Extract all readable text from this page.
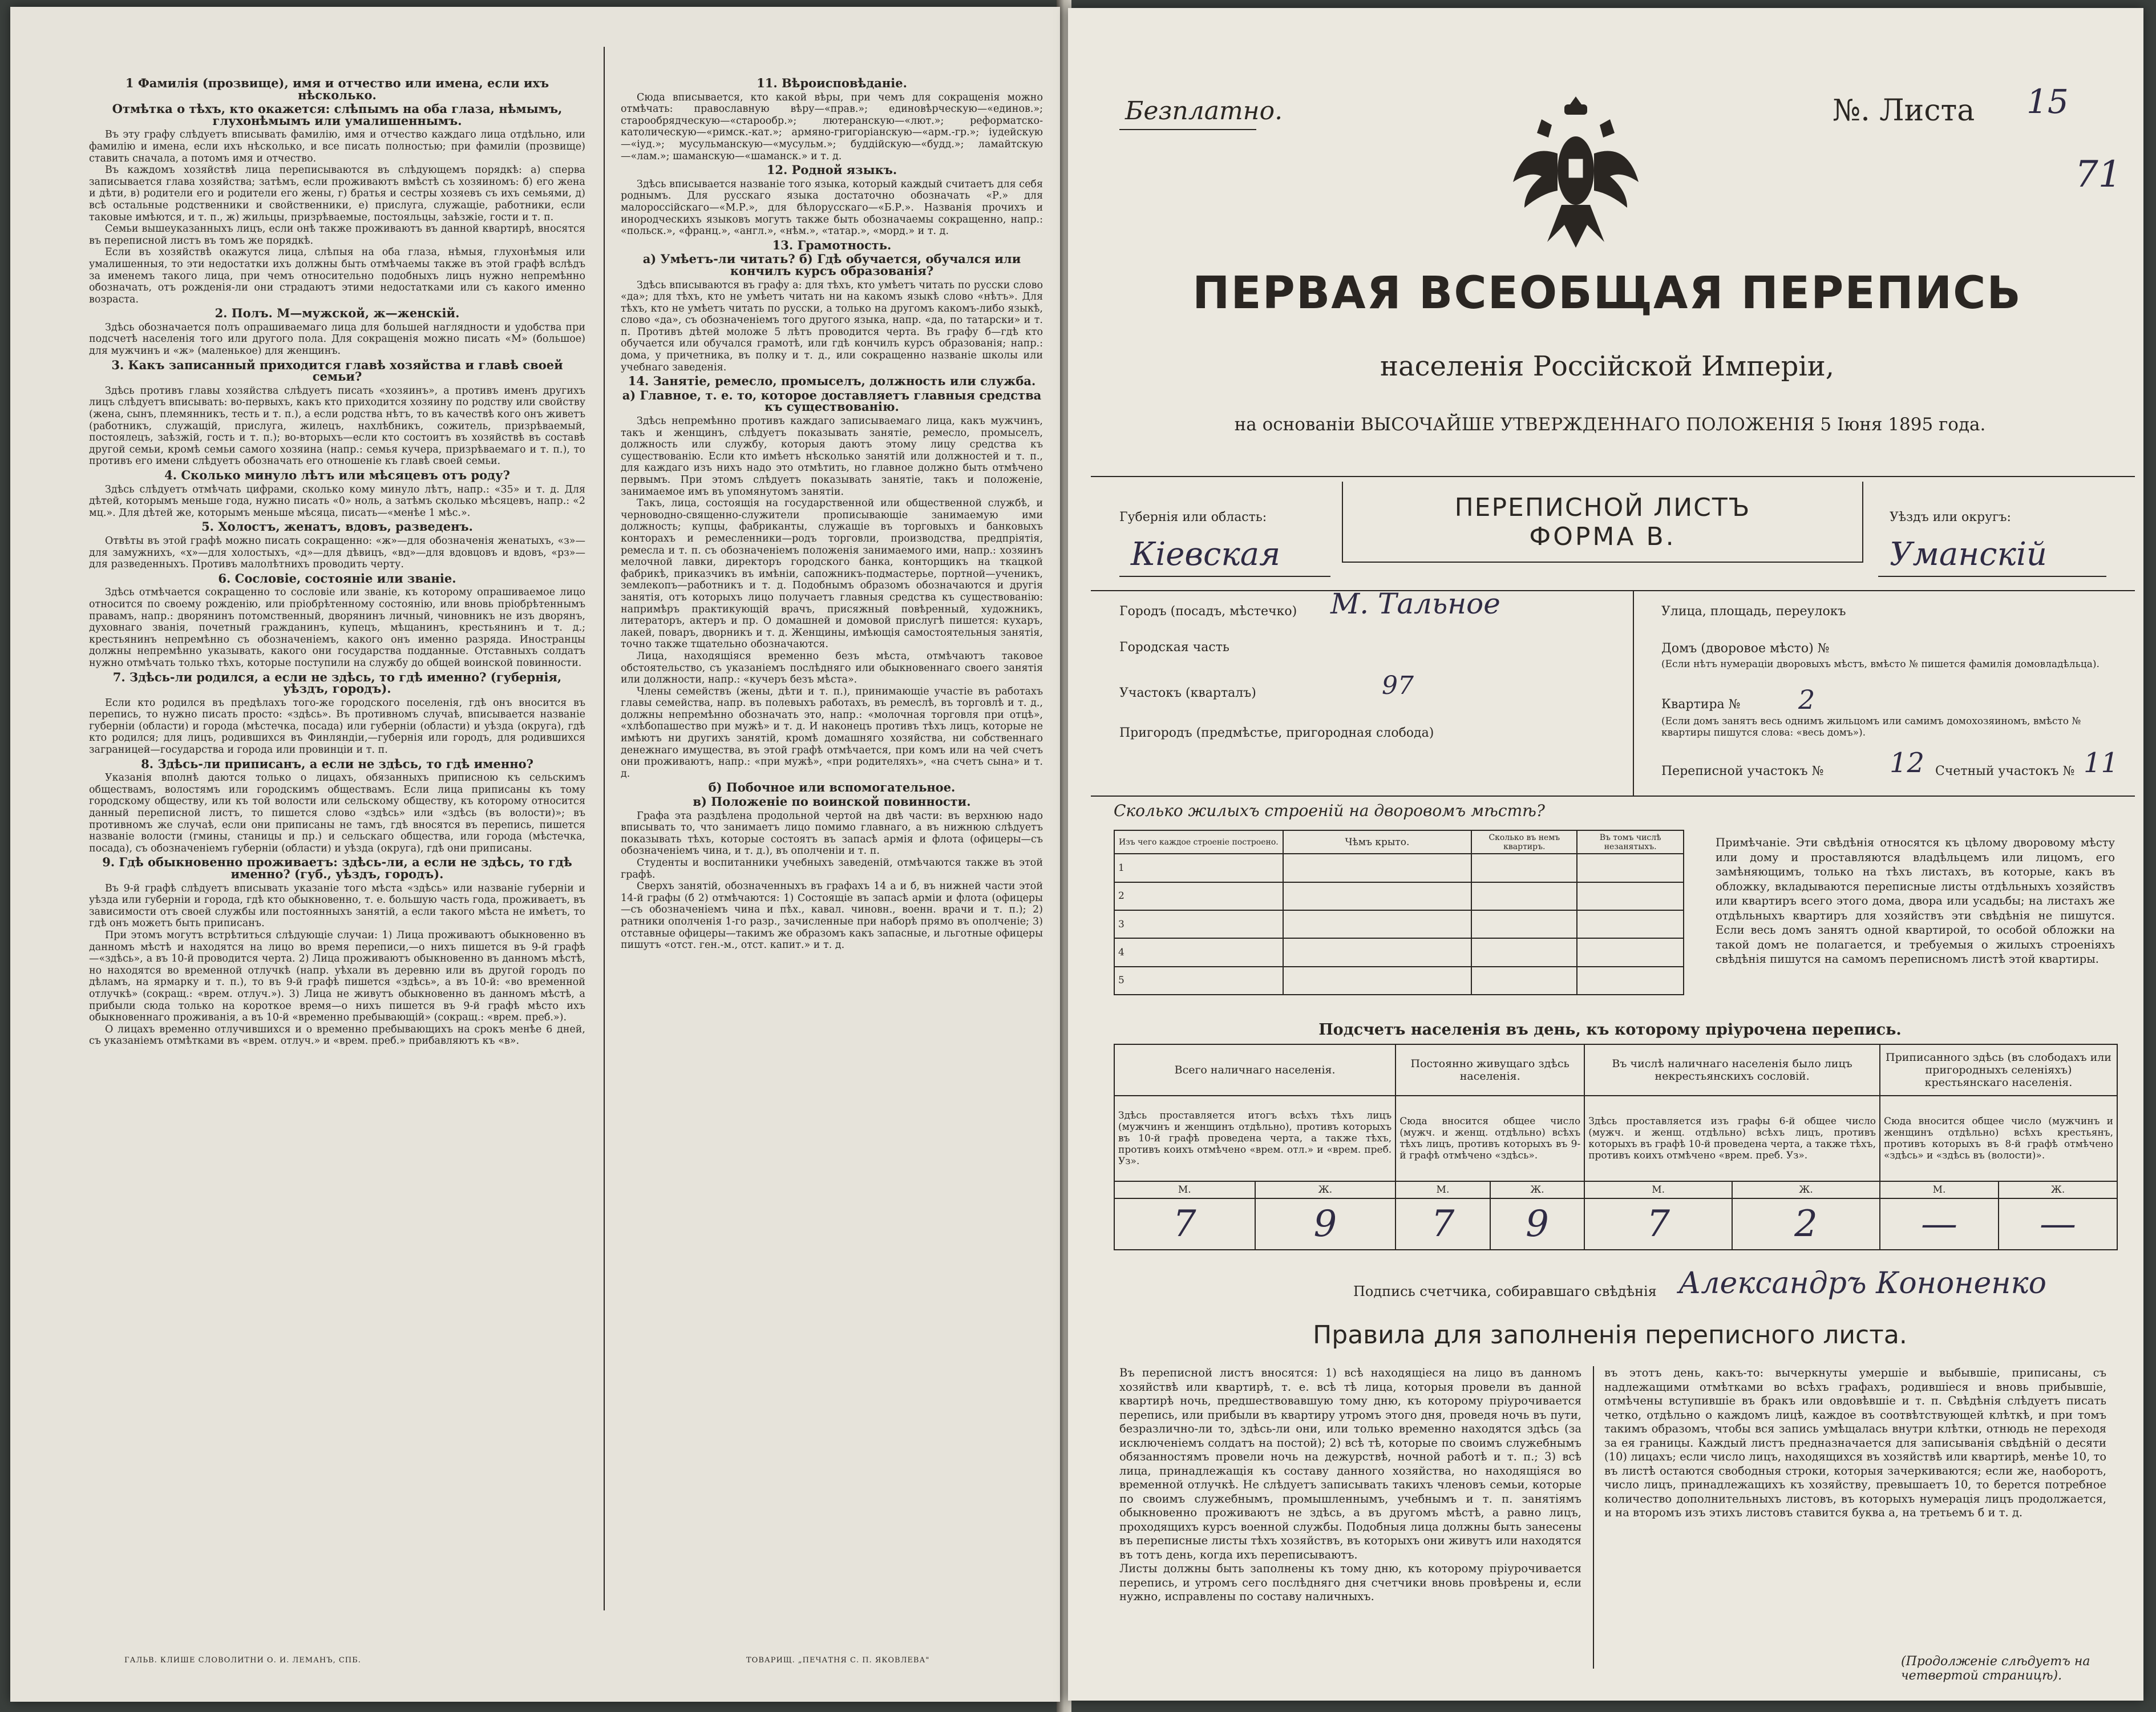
1 Фамилія (прозвище), имя и отчество или имена, если ихъ нѣсколько.
Отмѣтка о тѣхъ, кто окажется: слѣпымъ на оба глаза, нѣмымъ, глухонѣмымъ или умалишеннымъ.
Въ эту графу слѣдуетъ вписывать фамилію, имя и отчество каждаго лица отдѣльно, или фамилію и имена, если ихъ нѣсколько, и все писать полностью; при фамиліи (прозвище) ставить сначала, а потомъ имя и отчество.
Въ каждомъ хозяйствѣ лица переписываются въ слѣдующемъ порядкѣ: а) сперва записывается глава хозяйства; затѣмъ, если проживаютъ вмѣстѣ съ хозяиномъ: б) его жена и дѣти, в) родители его и родители его жены, г) братья и сестры хозяевъ съ ихъ семьями, д) всѣ остальные родственники и свойственники, е) прислуга, служащіе, работники, если таковые имѣются, и т. п., ж) жильцы, призрѣваемые, постояльцы, заѣзжіе, гости и т. п.
Семьи вышеуказанныхъ лицъ, если онѣ также проживаютъ въ данной квартирѣ, вносятся въ переписной листъ въ томъ же порядкѣ.
Если въ хозяйствѣ окажутся лица, слѣпыя на оба глаза, нѣмыя, глухонѣмыя или умалишенныя, то эти недостатки ихъ должны быть отмѣчаемы также въ этой графѣ вслѣдъ за именемъ такого лица, при чемъ относительно подобныхъ лицъ нужно непремѣнно обозначать, отъ рожденія-ли они страдаютъ этими недостатками или съ какого именно возраста.
2. Полъ. М—мужской, ж—женскій.
Здѣсь обозначается полъ опрашиваемаго лица для большей наглядности и удобства при подсчетѣ населенія того или другого пола. Для сокращенія можно писать «М» (большое) для мужчинъ и «ж» (маленькое) для женщинъ.
3. Какъ записанный приходится главѣ хозяйства и главѣ своей семьи?
Здѣсь противъ главы хозяйства слѣдуетъ писать «хозяинъ», а противъ именъ другихъ лицъ слѣдуетъ вписывать: во-первыхъ, какъ кто приходится хозяину по родству или свойству (жена, сынъ, племянникъ, тесть и т. п.), а если родства нѣтъ, то въ качествѣ кого онъ живетъ (работникъ, служащій, прислуга, жилецъ, нахлѣбникъ, сожитель, призрѣваемый, постоялецъ, заѣзжій, гость и т. п.); во-вторыхъ—если кто состоитъ въ хозяйствѣ въ составѣ другой семьи, кромѣ семьи самого хозяина (напр.: семья кучера, призрѣваемаго и т. п.), то противъ его имени слѣдуетъ обозначать его отношеніе къ главѣ своей семьи.
4. Сколько минуло лѣтъ или мѣсяцевъ отъ роду?
Здѣсь слѣдуетъ отмѣчать цифрами, сколько кому минуло лѣтъ, напр.: «35» и т. д. Для дѣтей, которымъ меньше года, нужно писать «0» ноль, а затѣмъ сколько мѣсяцевъ, напр.: «2 мц.». Для дѣтей же, которымъ меньше мѣсяца, писать—«менѣе 1 мѣс.».
5. Холостъ, женатъ, вдовъ, разведенъ.
Отвѣты въ этой графѣ можно писать сокращенно: «ж»—для обозначенія женатыхъ, «з»—для замужнихъ, «х»—для холостыхъ, «д»—для дѣвицъ, «вд»—для вдовцовъ и вдовъ, «рз»—для разведенныхъ. Противъ малолѣтнихъ проводить черту.
6. Сословіе, состояніе или званіе.
Здѣсь отмѣчается сокращенно то сословіе или званіе, къ которому опрашиваемое лицо относится по своему рожденію, или пріобрѣтенному состоянію, или вновь пріобрѣтеннымъ правамъ, напр.: дворянинъ потомственный, дворянинъ личный, чиновникъ не изъ дворянъ, духовнаго званія, почетный гражданинъ, купецъ, мѣщанинъ, крестьянинъ и т. д.; крестьянинъ непремѣнно съ обозначеніемъ, какого онъ именно разряда. Иностранцы должны непремѣнно указывать, какого они государства подданные. Отставныхъ солдатъ нужно отмѣчать только тѣхъ, которые поступили на службу до общей воинской повинности.
7. Здѣсь-ли родился, а если не здѣсь, то гдѣ именно? (губернія, уѣздъ, городъ).
Если кто родился въ предѣлахъ того-же городского поселенія, гдѣ онъ вносится въ перепись, то нужно писать просто: «здѣсь». Въ противномъ случаѣ, вписывается названіе губерніи (области) и города (мѣстечка, посада) или губерніи (области) и уѣзда (округа), гдѣ кто родился; для лицъ, родившихся въ Финляндіи,—губернія или городъ, для родившихся заграницей—государства и города или провинціи и т. п.
8. Здѣсь-ли приписанъ, а если не здѣсь, то гдѣ именно?
Указанія вполнѣ даются только о лицахъ, обязанныхъ приписною къ сельскимъ обществамъ, волостямъ или городскимъ обществамъ. Если лица приписаны къ тому городскому обществу, или къ той волости или сельскому обществу, къ которому относится данный переписной листъ, то пишется слово «здѣсь» или «здѣсь (въ волости)»; въ противномъ же случаѣ, если они приписаны не тамъ, гдѣ вносятся въ перепись, пишется названіе волости (гмины, станицы и пр.) и сельскаго общества, или города (мѣстечка, посада), съ обозначеніемъ губерніи (области) и уѣзда (округа), гдѣ они приписаны.
9. Гдѣ обыкновенно проживаетъ: здѣсь-ли, а если не здѣсь, то гдѣ именно? (губ., уѣздъ, городъ).
Въ 9-й графѣ слѣдуетъ вписывать указаніе того мѣста «здѣсь» или названіе губерніи и уѣзда или губерніи и города, гдѣ кто обыкновенно, т. е. большую часть года, проживаетъ, въ зависимости отъ своей службы или постоянныхъ занятій, а если такого мѣста не имѣетъ, то гдѣ онъ можетъ быть приписанъ.
При этомъ могутъ встрѣтиться слѣдующіе случаи: 1) Лица проживаютъ обыкновенно въ данномъ мѣстѣ и находятся на лицо во время переписи,—о нихъ пишется въ 9-й графѣ—«здѣсь», а въ 10-й проводится черта. 2) Лица проживаютъ обыкновенно въ данномъ мѣстѣ, но находятся во временной отлучкѣ (напр. уѣхали въ деревню или въ другой городъ по дѣламъ, на ярмарку и т. п.), то въ 9-й графѣ пишется «здѣсь», а въ 10-й: «во временной отлучкѣ» (сокращ.: «врем. отлуч.»). 3) Лица не живутъ обыкновенно въ данномъ мѣстѣ, а прибыли сюда только на короткое время—о нихъ пишется въ 9-й графѣ мѣсто ихъ обыкновеннаго проживанія, а въ 10-й «временно пребывающій» (сокращ.: «врем. преб.»).
О лицахъ временно отлучившихся и о временно пребывающихъ на срокъ менѣе 6 дней, съ указаніемъ отмѣтками въ «врем. отлуч.» и «врем. преб.» прибавляютъ къ «в».
11. Вѣроисповѣданіе.
Сюда вписывается, кто какой вѣры, при чемъ для сокращенія можно отмѣчать: православную вѣру—«прав.»; единовѣрческую—«единов.»; старообрядческую—«старообр.»; лютеранскую—«лют.»; реформатско-католическую—«римск.-кат.»; армяно-григоріанскую—«арм.-гр.»; іудейскую—«іуд.»; мусульманскую—«мусульм.»; буддійскую—«будд.»; ламайтскую—«лам.»; шаманскую—«шаманск.» и т. д.
12. Родной языкъ.
Здѣсь вписывается названіе того языка, который каждый считаетъ для себя роднымъ. Для русскаго языка достаточно обозначать «Р.» для малороссійскаго—«М.Р.», для бѣлорусскаго—«Б.Р.». Названія прочихъ и инородческихъ языковъ могутъ также быть обозначаемы сокращенно, напр.: «польск.», «франц.», «англ.», «нѣм.», «татар.», «морд.» и т. д.
13. Грамотность.
а) Умѣетъ-ли читать? б) Гдѣ обучается, обучался или кончилъ курсъ образованія?
Здѣсь вписываются въ графу а: для тѣхъ, кто умѣетъ читать по русски слово «да»; для тѣхъ, кто не умѣетъ читать ни на какомъ языкѣ слово «нѣтъ». Для тѣхъ, кто не умѣетъ читать по русски, а только на другомъ какомъ-либо языкѣ, слово «да», съ обозначеніемъ того другого языка, напр. «да, по татарски» и т. п. Противъ дѣтей моложе 5 лѣтъ проводится черта. Въ графу б—гдѣ кто обучается или обучался грамотѣ, или гдѣ кончилъ курсъ образованія; напр.: дома, у причетника, въ полку и т. д., или сокращенно названіе школы или учебнаго заведенія.
14. Занятіе, ремесло, промыселъ, должность или служба.
а) Главное, т. е. то, которое доставляетъ главныя средства къ существованію.
Здѣсь непремѣнно противъ каждаго записываемаго лица, какъ мужчинъ, такъ и женщинъ, слѣдуетъ показывать занятіе, ремесло, промыселъ, должность или службу, которыя даютъ этому лицу средства къ существованію. Если кто имѣетъ нѣсколько занятій или должностей и т. п., для каждаго изъ нихъ надо это отмѣтить, но главное должно быть отмѣчено первымъ. При этомъ слѣдуетъ показывать занятіе, такъ и положеніе, занимаемое имъ въ упомянутомъ занятіи.
Такъ, лица, состоящія на государственной или общественной службѣ, и черноводно-священно-служители прописывающіе занимаемую ими должность; купцы, фабриканты, служащіе въ торговыхъ и банковыхъ конторахъ и ремесленники—родъ торговли, производства, предпріятія, ремесла и т. п. съ обозначеніемъ положенія занимаемого ими, напр.: хозяинъ мелочной лавки, директоръ городского банка, конторщикъ на ткацкой фабрикѣ, приказчикъ въ имѣніи, сапожникъ-подмастерье, портной—ученикъ, землекопъ—работникъ и т. д. Подобнымъ образомъ обозначаются и другія занятія, отъ которыхъ лицо получаетъ главныя средства къ существованію: напримѣръ практикующій врачъ, присяжный повѣренный, художникъ, литераторъ, актеръ и пр. О домашней и домовой прислугѣ пишется: кухаръ, лакей, поваръ, дворникъ и т. д. Женщины, имѣющія самостоятельныя занятія, точно также тщательно обозначаются.
Лица, находящіяся временно безъ мѣста, отмѣчаютъ таковое обстоятельство, съ указаніемъ послѣдняго или обыкновеннаго своего занятія или должности, напр.: «кучеръ безъ мѣста».
Члены семействъ (жены, дѣти и т. п.), принимающіе участіе въ работахъ главы семейства, напр. въ полевыхъ работахъ, въ ремеслѣ, въ торговлѣ и т. д., должны непремѣнно обозначать это, напр.: «молочная торговля при отцѣ», «хлѣбопашество при мужѣ» и т. д. И наконецъ противъ тѣхъ лицъ, которые не имѣютъ ни другихъ занятій, кромѣ домашняго хозяйства, ни собственнаго денежнаго имущества, въ этой графѣ отмѣчается, при комъ или на чей счетъ они проживаютъ, напр.: «при мужѣ», «при родителяхъ», «на счетъ сына» и т. д.
б) Побочное или вспомогательное.
в) Положеніе по воинской повинности.
Графа эта раздѣлена продольной чертой на двѣ части: въ верхнюю надо вписывать то, что занимаетъ лицо помимо главнаго, а въ нижнюю слѣдуетъ показывать тѣхъ, которые состоятъ въ запасѣ армія и флота (офицеры—съ обозначеніемъ чина, и т. д.), въ ополченіи и т. п.
Студенты и воспитанники учебныхъ заведеній, отмѣчаются также въ этой графѣ.
Сверхъ занятій, обозначенныхъ въ графахъ 14 а и б, въ нижней части этой 14-й графы (б 2) отмѣчаются: 1) Состоящіе въ запасѣ арміи и флота (офицеры—съ обозначеніемъ чина и пѣх., кавал. чиновн., военн. врачи и т. п.); 2) ратники ополченія 1-го разр., зачисленные при наборѣ прямо въ ополченіе; 3) отставные офицеры—такимъ же образомъ какъ запасные, и льготные офицеры пишутъ «отст. ген.-м., отст. капит.» и т. д.
ГАЛЬВ. КЛИШЕ СЛОВОЛИТНИ О. И. ЛЕМАНЪ, СПБ.	ТОВАРИЩ. „ПЕЧАТНЯ С. П. ЯКОВЛЕВА"
Безплатно.	№. Листа 15
71
ПЕРВАЯ ВСЕОБЩАЯ ПЕРЕПИСЬ
населенія Россійской Имперіи,
на основаніи ВЫСОЧАЙШЕ УТВЕРЖДЕННАГО ПОЛОЖЕНІЯ 5 Іюня 1895 года.
ПЕРЕПИСНОЙ ЛИСТЪ
ФОРМА В.
Губернія или область:
Кіевская
Уѣздъ или округъ:
Уманскій
Городъ (посадъ, мѣстечко) М. Тальное
Городская часть
Участокъ (кварталъ)	97
Пригородъ (предмѣстье, пригородная слобода)
Улица, площадь, переулокъ
Домъ (дворовое мѣсто) №
(Если нѣтъ нумераціи дворовыхъ мѣстъ, вмѣсто № пишется фамилія домовладѣльца).
Квартира № 2
(Если домъ занятъ весь однимъ жильцомъ или самимъ домохозяиномъ, вмѣсто № квартиры пишутся слова: «весь домъ»).
Переписной участокъ № 12 Счетный участокъ № 11
Сколько жилыхъ строеній на дворовомъ мѣстѣ?
Изъ чего каждое строеніе построено.	Чѣмъ крыто.	Сколько въ немъ квартиръ.	Въ томъ числѣ незанятыхъ.
1			
2			
3			
4			
5			
Примѣчаніе. Эти свѣдѣнія относятся къ цѣлому дворовому мѣсту или дому и проставляются владѣльцемъ или лицомъ, его замѣняющимъ, только на тѣхъ листахъ, въ которые, какъ въ обложку, вкладываются переписные листы отдѣльныхъ хозяйствъ или квартиръ всего этого дома, двора или усадьбы; на листахъ же отдѣльныхъ квартиръ для хозяйствъ эти свѣдѣнія не пишутся. Если весь домъ занятъ одной квартирой, то особой обложки на такой домъ не полагается, и требуемыя о жилыхъ строеніяхъ свѣдѣнія пишутся на самомъ переписномъ листѣ этой квартиры.
Подсчетъ населенія въ день, къ которому пріурочена перепись.
Всего наличнаго населенія.		Постоянно живущаго здѣсь населенія.		Въ числѣ наличнаго населенія было лицъ некрестьянскихъ сословій.		Приписанного здѣсь (въ слободахъ или пригородныхъ селеніяхъ) крестьянскаго населенія.	
Здѣсь проставляется итогъ всѣхъ тѣхъ лицъ (мужчинъ и женщинъ отдѣльно), противъ которыхъ въ 10-й графѣ проведена черта, а также тѣхъ, противъ коихъ отмѣчено «врем. отл.» и «врем. преб. Уз».		Сюда вносится общее число (мужч. и женщ. отдѣльно) всѣхъ тѣхъ лицъ, противъ которыхъ въ 9-й графѣ отмѣчено «здѣсь».		Здѣсь проставляется изъ графы 6-й общее число (мужч. и женщ. отдѣльно) всѣхъ лицъ, противъ которыхъ въ графѣ 10-й проведена черта, а также тѣхъ, противъ коихъ отмѣчено «врем. преб. Уз».		Сюда вносится общее число (мужчинъ и женщинъ отдѣльно) всѣхъ крестьянъ, противъ которыхъ въ 8-й графѣ отмѣчено «здѣсь» и «здѣсь въ (волости)».	
М.	Ж.	М.	Ж.	М.	Ж.	М.	Ж.
7	9	7	9	7	2	—	—
Подпись счетчика, собиравшаго свѣдѣнія Александръ Кононенко
Правила для заполненія переписного листа.
Въ переписной листъ вносятся: 1) всѣ находящіеся на лицо въ данномъ хозяйствѣ или квартирѣ, т. е. всѣ тѣ лица, которыя провели въ данной квартирѣ ночь, предшествовавшую тому дню, къ которому пріурочивается перепись, или прибыли въ квартиру утромъ этого дня, проведя ночь въ пути, безразлично-ли то, здѣсь-ли они, или только временно находятся здѣсь (за исключеніемъ солдатъ на постой); 2) всѣ тѣ, которые по своимъ служебнымъ обязанностямъ провели ночь на дежурствѣ, ночной работѣ и т. п.; 3) всѣ лица, принадлежащія къ составу данного хозяйства, но находящіяся во временной отлучкѣ. Не слѣдуетъ записывать такихъ членовъ семьи, которые по своимъ служебнымъ, промышленнымъ, учебнымъ и т. п. занятіямъ обыкновенно проживаютъ не здѣсь, а въ другомъ мѣстѣ, а равно лицъ, проходящихъ курсъ военной службы. Подобныя лица должны быть занесены въ переписные листы тѣхъ хозяйствъ, въ которыхъ они живутъ или находятся въ тотъ день, когда ихъ переписываютъ.
Листы должны быть заполнены къ тому дню, къ которому пріурочивается перепись, и утромъ сего послѣдняго дня счетчики вновь провѣрены и, если нужно, исправлены по составу наличныхъ.
въ этотъ день, какъ-то: вычеркнуты умершіе и выбывшіе, приписаны, съ надлежащими отмѣтками во всѣхъ графахъ, родившіеся и вновь прибывшіе, отмѣчены вступившіе въ бракъ или овдовѣвшіе и т. п. Свѣдѣнія слѣдуетъ писать четко, отдѣльно о каждомъ лицѣ, каждое въ соотвѣтствующей клѣткѣ, и при томъ такимъ образомъ, чтобы вся запись умѣщалась внутри клѣтки, отнюдь не переходя за ея границы. Каждый листъ предназначается для записыванія свѣдѣній о десяти (10) лицахъ; если число лицъ, находящихся въ хозяйствѣ или квартирѣ, менѣе 10, то въ листѣ остаются свободныя строки, которыя зачеркиваются; если же, наоборотъ, число лицъ, принадлежащихъ къ хозяйству, превышаетъ 10, то берется потребное количество дополнительныхъ листовъ, въ которыхъ нумерація лицъ продолжается, и на второмъ изъ этихъ листовъ ставится буква а, на третьемъ б и т. д.
(Продолженіе слѣдуетъ на четвертой страницѣ).
